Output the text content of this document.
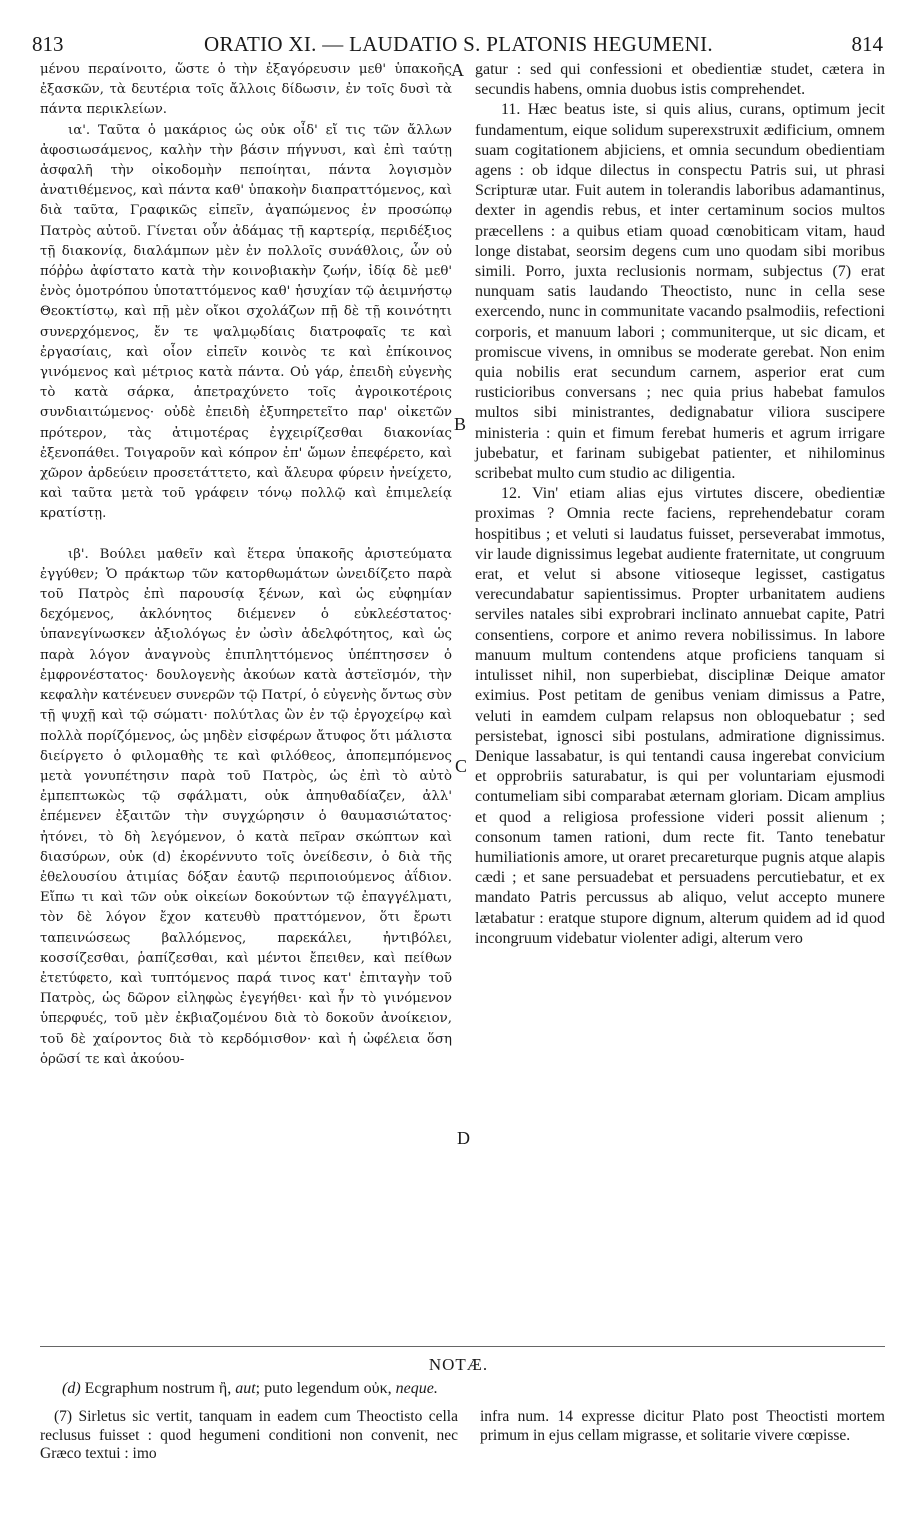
813	ORATIO XI. — LAUDATIO S. PLATONIS HEGUMENI.	814

μένου περαίνοιτο, ὥστε ὁ τὴν ἐξαγόρευσιν μεθ' ὑπακοῆς ἐξασκῶν, τὰ δευτέρια τοῖς ἄλλοις δίδωσιν, ἐν τοῖς δυσὶ τὰ πάντα περικλείων.

ια'. Ταῦτα ὁ μακάριος ὡς οὐκ οἶδ' εἴ τις τῶν ἄλλων ἀφοσιωσάμενος, καλὴν τὴν βάσιν πήγνυσι, καὶ ἐπὶ ταύτῃ ἀσφαλῆ τὴν οἰκοδομὴν πεποίηται, πάντα λογισμὸν ἀνατιθέμενος, καὶ πάντα καθ' ὑπακοὴν διαπραττόμενος, καὶ διὰ ταῦτα, Γραφικῶς εἰπεῖν, ἀγαπώμενος ἐν προσώπῳ Πατρὸς αὐτοῦ. Γίνεται οὖν ἀδάμας τῇ καρτερίᾳ, περιδέξιος τῇ διακονίᾳ, διαλάμπων μὲν ἐν πολλοῖς συνάθλοις, ὧν οὐ πόῤῥω ἀφίστατο κατὰ τὴν κοινοβιακὴν ζωήν, ἰδίᾳ δὲ μεθ' ἑνὸς ὁμοτρόπου ὑποταττόμενος καθ' ἡσυχίαν τῷ ἀειμνήστῳ Θεοκτίστῳ, καὶ πῇ μὲν οἴκοι σχολάζων πῇ δὲ τῇ κοινότητι συνερχόμενος, ἔν τε ψαλμῳδίαις διατροφαῖς τε καὶ ἐργασίαις, καὶ οἷον εἰπεῖν κοινὸς τε καὶ ἐπίκοινος γινόμενος καὶ μέτριος κατὰ πάντα. Οὐ γάρ, ἐπειδὴ εὐγενὴς τὸ κατὰ σάρκα, ἀπετραχύνετο τοῖς ἀγροικοτέροις συνδιαιτώμενος· οὐδὲ ἐπειδὴ ἐξυπηρετεῖτο παρ' οἰκετῶν πρότερον, τὰς ἀτιμοτέρας ἐγχειρίζεσθαι διακονίας ἐξενοπάθει. Τοιγαροῦν καὶ κόπρον ἐπ' ὤμων ἐπεφέρετο, καὶ χῶρον ἀρδεύειν προσετάττετο, καὶ ἄλευρα φύρειν ἠνείχετο, καὶ ταῦτα μετὰ τοῦ γράφειν τόνῳ πολλῷ καὶ ἐπιμελείᾳ κρατίστῃ.

ιβ'. Βούλει μαθεῖν καὶ ἕτερα ὑπακοῆς ἀριστεύματα ἐγγύθεν; Ὁ πράκτωρ τῶν κατορθωμάτων ὠνειδίζετο παρὰ τοῦ Πατρὸς ἐπὶ παρουσίᾳ ξένων, καὶ ὡς εὐφημίαν δεχόμενος, ἀκλόνητος διέμενεν ὁ εὐκλεέστατος· ὑπανεγίνωσκεν ἀξιολόγως ἐν ὠσὶν ἀδελφότητος, καὶ ὡς παρὰ λόγον ἀναγνοὺς ἐπιπληττόμενος ὑπέπτησσεν ὁ ἐμφρονέστατος· δουλογενὴς ἀκούων κατὰ ἀστεϊσμόν, τὴν κεφαλὴν κατένευεν συνερῶν τῷ Πατρί, ὁ εὐγενὴς ὄντως σὺν τῇ ψυχῇ καὶ τῷ σώματι· πολύτλας ὢν ἐν τῷ ἐργοχείρῳ καὶ πολλὰ πορίζόμενος, ὡς μηδὲν εἰσφέρων ἄτυφος ὅτι μάλιστα διείργετο ὁ φιλομαθὴς τε καὶ φιλόθεος, ἀποπεμπόμενος μετὰ γονυπέτησιν παρὰ τοῦ Πατρὸς, ὡς ἐπὶ τὸ αὐτὸ ἐμπεπτωκὼς τῷ σφάλματι, οὐκ ἀπηυθαδίαζεν, ἀλλ' ἐπέμενεν ἐξαιτῶν τὴν συγχώρησιν ὁ θαυμασιώτατος· ἠτόνει, τὸ δὴ λεγόμενον, ὁ κατὰ πεῖραν σκώπτων καὶ διασύρων, οὐκ (d) ἐκορέννυτο τοῖς ὀνείδεσιν, ὁ διὰ τῆς ἐθελουσίου ἀτιμίας δόξαν ἑαυτῷ περιποιούμενος ἀΐδιον. Εἴπω τι καὶ τῶν οὐκ οἰκείων δοκούντων τῷ ἐπαγγέλματι, τὸν δὲ λόγον ἔχον κατευθὺ πραττόμενον, ὅτι ἔρωτι ταπεινώσεως βαλλόμενος, παρεκάλει, ἠντιβόλει, κοσσίζεσθαι, ῥαπίζεσθαι, καὶ μέντοι ἔπειθεν, καὶ πείθων ἐτετύφετο, καὶ τυπτόμενος παρά τινος κατ' ἐπιταγὴν τοῦ Πατρὸς, ὡς δῶρον εἰληφὼς ἐγεγήθει· καὶ ἦν τὸ γινόμενον ὑπερφυές, τοῦ μὲν ἐκβιαζομένου διὰ τὸ δοκοῦν ἀνοίκειον, τοῦ δὲ χαίροντος διὰ τὸ κερδόμισθον· καὶ ἡ ὠφέλεια ὅση ὁρῶσί τε καὶ ἀκούου-

A
B
C
D

gatur : sed qui confessioni et obedientiæ studet, cætera in secundis habens, omnia duobus istis comprehendet.

11. Hæc beatus iste, si quis alius, curans, optimum jecit fundamentum, eique solidum superexstruxit ædificium, omnem suam cogitationem abjiciens, et omnia secundum obedientiam agens : ob idque dilectus in conspectu Patris sui, ut phrasi Scripturæ utar. Fuit autem in tolerandis laboribus adamantinus, dexter in agendis rebus, et inter certaminum socios multos præcellens : a quibus etiam quoad cœnobiticam vitam, haud longe distabat, seorsim degens cum uno quodam sibi moribus simili. Porro, juxta reclusionis normam, subjectus (7) erat nunquam satis laudando Theoctisto, nunc in cella sese exercendo, nunc in communitate vacando psalmodiis, refectioni corporis, et manuum labori ; communiterque, ut sic dicam, et promiscue vivens, in omnibus se moderate gerebat. Non enim quia nobilis erat secundum carnem, asperior erat cum rusticioribus conversans ; nec quia prius habebat famulos multos sibi ministrantes, dedignabatur viliora suscipere ministeria : quin et fimum ferebat humeris et agrum irrigare jubebatur, et farinam subigebat patienter, et nihilominus scribebat multo cum studio ac diligentia.

12. Vin' etiam alias ejus virtutes discere, obedientiæ proximas ? Omnia recte faciens, reprehendebatur coram hospitibus ; et veluti si laudatus fuisset, perseverabat immotus, vir laude dignissimus legebat audiente fraternitate, ut congruum erat, et velut si absone vitioseque legisset, castigatus verecundabatur sapientissimus. Propter urbanitatem audiens serviles natales sibi exprobrari inclinato annuebat capite, Patri consentiens, corpore et animo revera nobilissimus. In labore manuum multum contendens atque proficiens tanquam si intulisset nihil, non superbiebat, disciplinæ Deique amator eximius. Post petitam de genibus veniam dimissus a Patre, veluti in eamdem culpam relapsus non obloquebatur ; sed persistebat, ignosci sibi postulans, admiratione dignissimus. Denique lassabatur, is qui tentandi causa ingerebat convicium et opprobriis saturabatur, is qui per voluntariam ejusmodi contumeliam sibi comparabat æternam gloriam. Dicam amplius et quod a religiosa professione videri possit alienum ; consonum tamen rationi, dum recte fit. Tanto tenebatur humiliationis amore, ut oraret precareturque pugnis atque alapis cædi ; et sane persuadebat et persuadens percutiebatur, et ex mandato Patris percussus ab aliquo, velut accepto munere lætabatur : eratque stupore dignum, alterum quidem ad id quod incongruum videbatur violenter adigi, alterum vero

NOTÆ.
(d) Ecgraphum nostrum ἢ, aut; puto legendum οὐκ, neque.

(7) Sirletus sic vertit, tanquam in eadem cum Theoctisto cella reclusus fuisset : quod hegumeni conditioni non convenit, nec Græco textui : imo

infra num. 14 expresse dicitur Plato post Theoctisti mortem primum in ejus cellam migrasse, et solitarie vivere cœpisse.
